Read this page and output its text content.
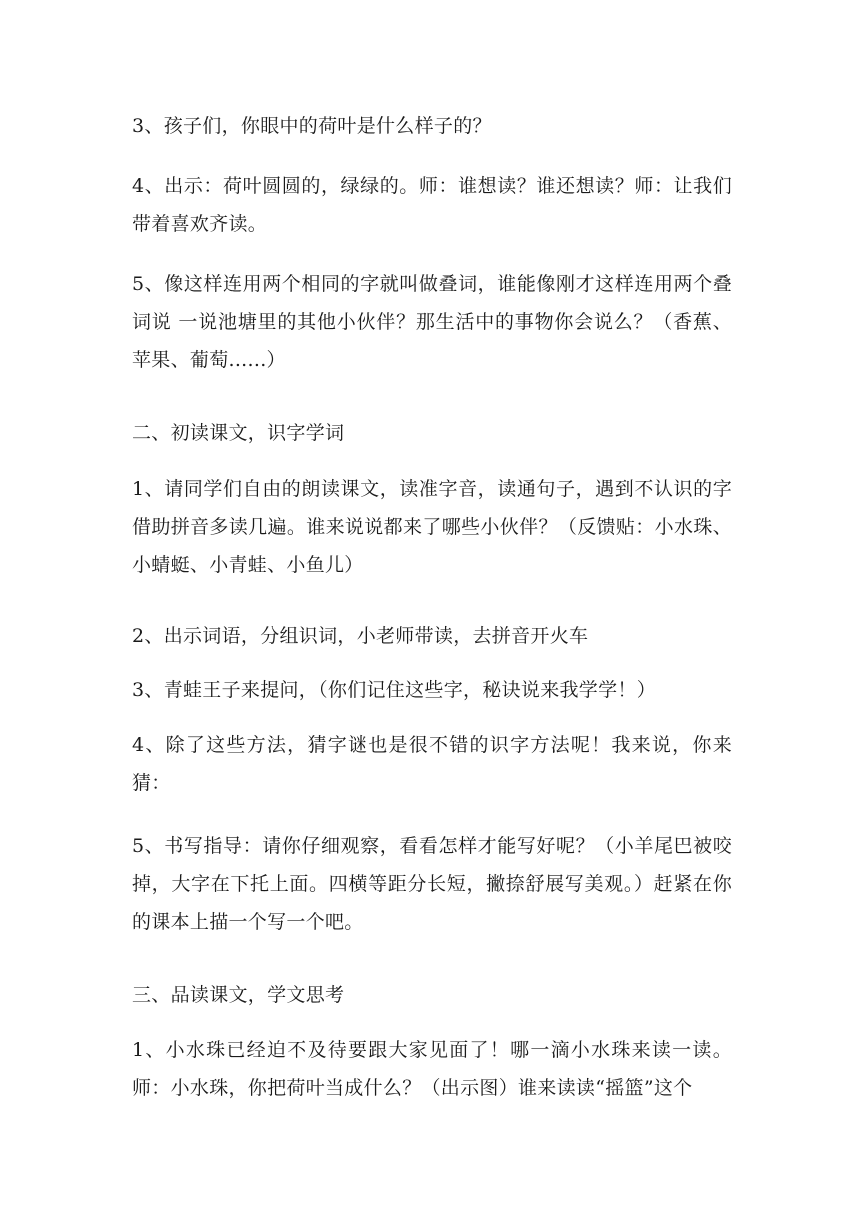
3、孩子们，你眼中的荷叶是什么样子的？

4、出示：荷叶圆圆的，绿绿的。师：谁想读？谁还想读？师：让我们带着喜欢齐读。

5、像这样连用两个相同的字就叫做叠词，谁能像刚才这样连用两个叠词说 一说池塘里的其他小伙伴？那生活中的事物你会说么？（香蕉、苹果、葡萄......）

二、初读课文，识字学词

1、请同学们自由的朗读课文，读准字音，读通句子，遇到不认识的字借助拼音多读几遍。谁来说说都来了哪些小伙伴？（反馈贴：小水珠、小蜻蜓、小青蛙、小鱼儿）

2、出示词语，分组识词，小老师带读，去拼音开火车

3、青蛙王子来提问，（你们记住这些字，秘诀说来我学学！）

4、除了这些方法，猜字谜也是很不错的识字方法呢！我来说，你来猜：

5、书写指导：请你仔细观察，看看怎样才能写好呢？（小羊尾巴被咬掉，大字在下托上面。四横等距分长短，撇捺舒展写美观。）赶紧在你的课本上描一个写一个吧。

三、品读课文，学文思考

1、小水珠已经迫不及待要跟大家见面了！哪一滴小水珠来读一读。师：小水珠，你把荷叶当成什么？（出示图）谁来读读“摇篮”这个
